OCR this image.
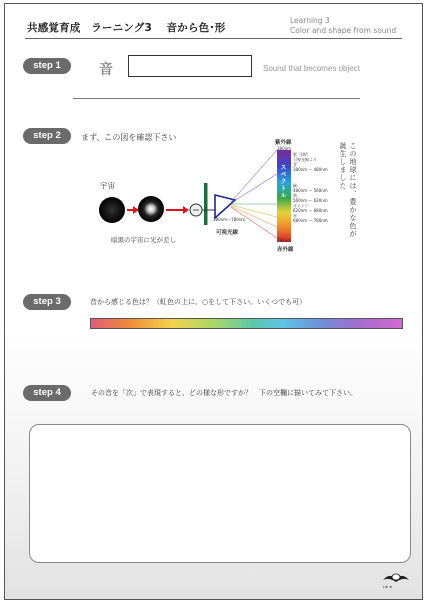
共感覚育成　ラーニング3　 音から色･形
Learning 3
Color and shape from sound
step 1	音	Sound that becomes object
step 2	まず、この図を確認下さい
宇宙	スペクトル
紫外線
380nm
780nm
赤外線
380nm〜780nm
可視光線
暗黒の宇宙に光が差し
紫（UV）
可視光線より
青
380nm 〜 480nm

緑
480nm 〜 560nm
黄
560nm 〜 620nm
オレンジ
620nm 〜 680nm
赤
680nm 〜 780nm	この地球には、豊かな色が誕生しました
step 3	音から感じる色は？（虹色の上に、○をして下さい。いくつでも可）
step 4	その音を「次」で表現すると、どの様な形ですか？　下の空欄に描いてみて下さい。
Lib ★
